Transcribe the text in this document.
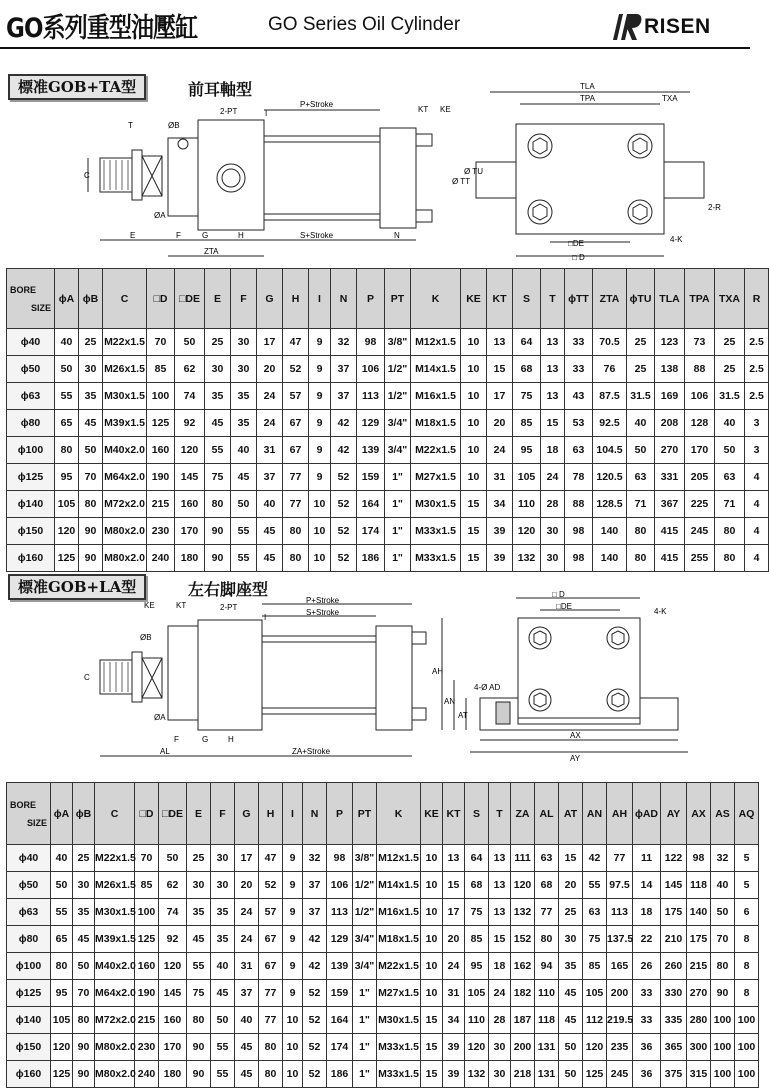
GO系列重型油壓缸	GO Series Oil Cylinder	RISEN
標准GOB+TA型	前耳軸型
2-PT
P+Stroke
KT KE
I
T	ØB
C
ØA
E	F	G	H	S+Stroke	N
ZTA
TLA
TPA	TXA
Ø TT
Ø TU
2-R
4-K
□DE
□ D
SIZE
BORE	ϕA	ϕB	C	□D	□DE	E	F	G	H	I	N	P	PT	K	KE	KT	S	T	ϕTT	ZTA	ϕTU	TLA	TPA	TXA	R
ϕ40	40	25	M22x1.5	70	50	25	30	17	47	9	32	98	3/8"	M12x1.5	10	13	64	13	33	70.5	25	123	73	25	2.5
ϕ50	50	30	M26x1.5	85	62	30	30	20	52	9	37	106	1/2"	M14x1.5	10	15	68	13	33	76	25	138	88	25	2.5
ϕ63	55	35	M30x1.5	100	74	35	35	24	57	9	37	113	1/2"	M16x1.5	10	17	75	13	43	87.5	31.5	169	106	31.5	2.5
ϕ80	65	45	M39x1.5	125	92	45	35	24	67	9	42	129	3/4"	M18x1.5	10	20	85	15	53	92.5	40	208	128	40	3
ϕ100	80	50	M40x2.0	160	120	55	40	31	67	9	42	139	3/4"	M22x1.5	10	24	95	18	63	104.5	50	270	170	50	3
ϕ125	95	70	M64x2.0	190	145	75	45	37	77	9	52	159	1"	M27x1.5	10	31	105	24	78	120.5	63	331	205	63	4
ϕ140	105	80	M72x2.0	215	160	80	50	40	77	10	52	164	1"	M30x1.5	15	34	110	28	88	128.5	71	367	225	71	4
ϕ150	120	90	M80x2.0	230	170	90	55	45	80	10	52	174	1"	M33x1.5	15	39	120	30	98	140	80	415	245	80	4
ϕ160	125	90	M80x2.0	240	180	90	55	45	80	10	52	186	1"	M33x1.5	15	39	132	30	98	140	80	415	255	80	4
標准GOB+LA型	左右脚座型
KE	KT	2-PT
P+Stroke
S+Stroke
I
ØB
C
ØA
F	G H
AL	ZA+Stroke
□ D
□DE
4-K
AH
AN
AT
4-Ø AD
AX
AY
SIZE
BORE	ϕA	ϕB	C	□D	□DE	E	F	G	H	I	N	P	PT	K	KE	KT	S	T	ZA	AL	AT	AN	AH	ϕAD	AY	AX	AS	AQ
ϕ40	40	25	M22x1.5	70	50	25	30	17	47	9	32	98	3/8"	M12x1.5	10	13	64	13	111	63	15	42	77	11	122	98	32	5
ϕ50	50	30	M26x1.5	85	62	30	30	20	52	9	37	106	1/2"	M14x1.5	10	15	68	13	120	68	20	55	97.5	14	145	118	40	5
ϕ63	55	35	M30x1.5	100	74	35	35	24	57	9	37	113	1/2"	M16x1.5	10	17	75	13	132	77	25	63	113	18	175	140	50	6
ϕ80	65	45	M39x1.5	125	92	45	35	24	67	9	42	129	3/4"	M18x1.5	10	20	85	15	152	80	30	75	137.5	22	210	175	70	8
ϕ100	80	50	M40x2.0	160	120	55	40	31	67	9	42	139	3/4"	M22x1.5	10	24	95	18	162	94	35	85	165	26	260	215	80	8
ϕ125	95	70	M64x2.0	190	145	75	45	37	77	9	52	159	1"	M27x1.5	10	31	105	24	182	110	45	105	200	33	330	270	90	8
ϕ140	105	80	M72x2.0	215	160	80	50	40	77	10	52	164	1"	M30x1.5	15	34	110	28	187	118	45	112	219.5	33	335	280	100	100
ϕ150	120	90	M80x2.0	230	170	90	55	45	80	10	52	174	1"	M33x1.5	15	39	120	30	200	131	50	120	235	36	365	300	100	100
ϕ160	125	90	M80x2.0	240	180	90	55	45	80	10	52	186	1"	M33x1.5	15	39	132	30	218	131	50	125	245	36	375	315	100	100
